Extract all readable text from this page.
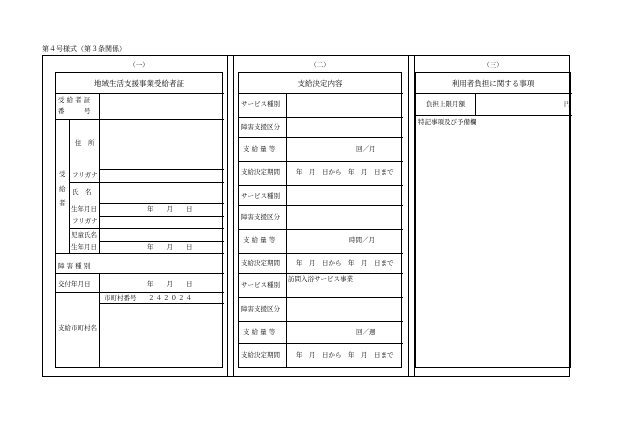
第４号様式（第３条関係）
（一）
地域生活支援事業受給者証
受 給 者 証
番　　　号
受
給
者
住　所
フリガナ
氏　名
生年月日	年　　月　　日
フリガナ
児童氏名
生年月日	年　　月　　日
障 害 種 別
交付年月日	年　　月　　日
市町村番号 ２４２０２４
支給市町村名
（二）
支給決定内容
サービス種別
障害支援区分
支 給 量 等	回／月
支給決定期間 年　月　日から　年　月　日まで
サービス種別
障害支援区分
支 給 量 等	時間／月
支給決定期間 年　月　日から　年　月　日まで
サービス種別
訪問入浴サービス事業
障害支援区分
支 給 量 等	回／週
支給決定期間 年　月　日から　年　月　日まで
（三）
利用者負担に関する事項
負担上限月額	円
特記事項及び予備欄
